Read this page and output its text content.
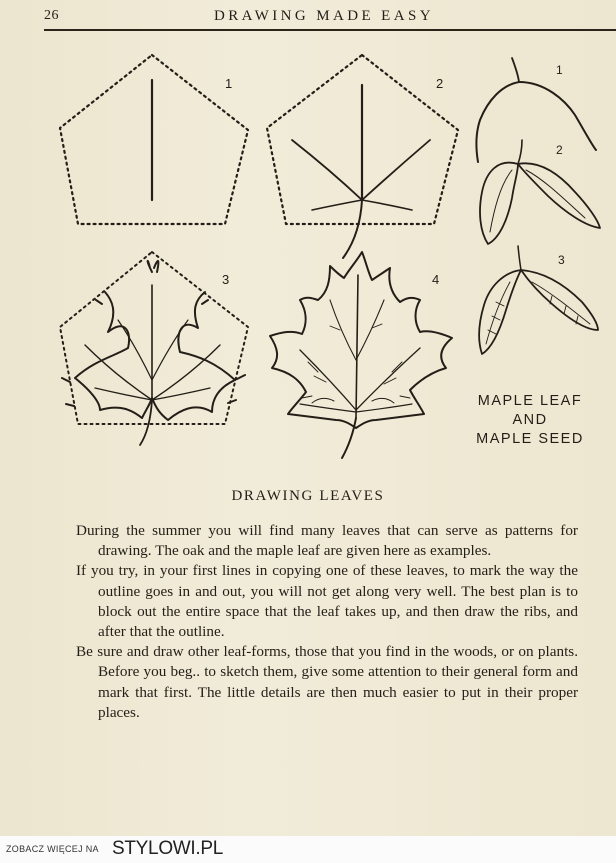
26	DRAWING MADE EASY
1	2
3	4
1
2
3
MAPLE LEAF
AND
MAPLE SEED
DRAWING LEAVES

During the summer you will find many leaves that can serve as patterns for drawing. The oak and the maple leaf are given here as examples.

If you try, in your first lines in copying one of these leaves, to mark the way the outline goes in and out, you will not get along very well. The best plan is to block out the entire space that the leaf takes up, and then draw the ribs, and after that the outline.

Be sure and draw other leaf-forms, those that you find in the woods, or on plants. Before you beg.. to sketch them, give some attention to their general form and mark that first. The little details are then much easier to put in their proper places.

ZOBACZ WIĘCEJ NA STYLOWI.PL
